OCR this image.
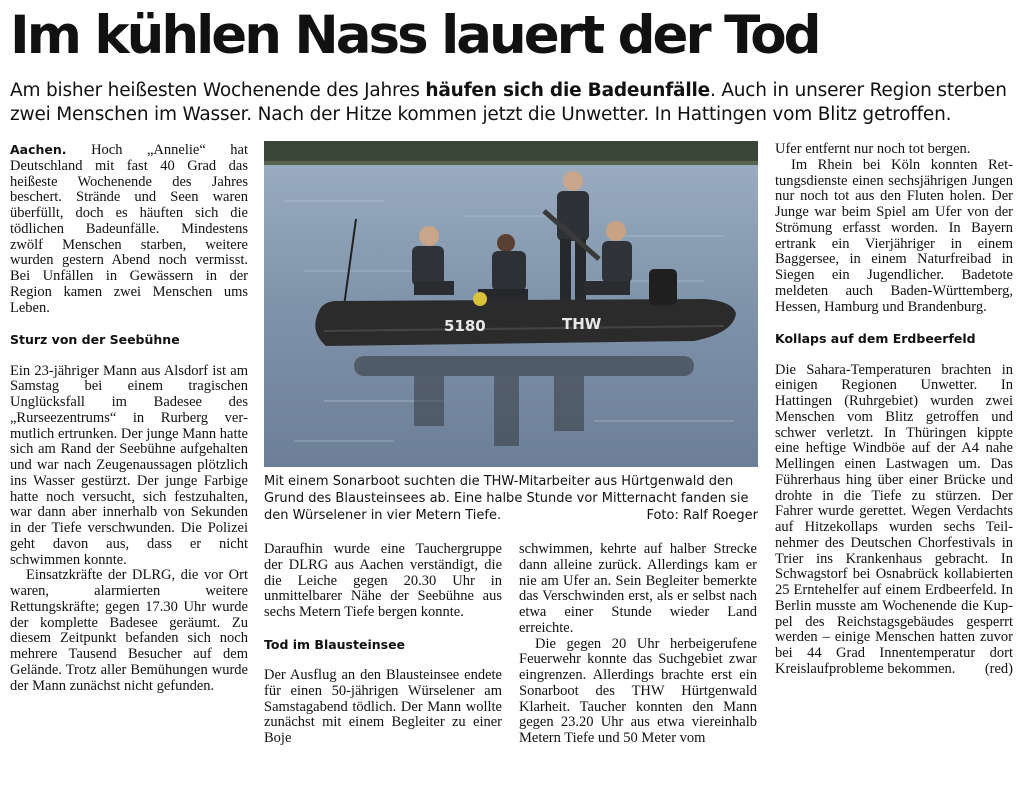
Im kühlen Nass lauert der Tod
Am bisher heißesten Wochenende des Jahres häufen sich die Badeunfälle. Auch in unserer Region sterben zwei Menschen im Wasser. Nach der Hitze kommen jetzt die Unwetter. In Hattingen vom Blitz getroffen.

Aachen. Hoch „Annelie“ hat Deutschland mit fast 40 Grad das heißeste Wochenende des Jahres beschert. Strände und Seen waren überfüllt, doch es häuften sich die tödlichen Badeunfälle. Mindestens zwölf Menschen starben, weitere wurden gestern Abend noch vermisst. Bei Unfällen in Gewässern in der Region kamen zwei Menschen ums Leben.

Sturz von der Seebühne

Ein 23-jähriger Mann aus Alsdorf ist am Samstag bei einem tragischen Unglücksfall im Badesee des „Rurseezentrums“ in Rurberg vermutlich ertrunken. Der junge Mann hatte sich am Rand der Seebühne aufgehalten und war nach Zeugenaussagen plötzlich ins Wasser gestürzt. Der junge Farbige hatte noch versucht, sich festzuhalten, war dann aber innerhalb von Sekunden in der Tiefe verschwunden. Die Polizei geht davon aus, dass er nicht schwimmen konnte.

Einsatzkräfte der DLRG, die vor Ort waren, alarmierten weitere Rettungskräfte; gegen 17.30 Uhr wurde der komplette Badesee geräumt. Zu diesem Zeitpunkt befanden sich noch mehrere Tausend Besucher auf dem Gelände. Trotz aller Bemühungen wurde der Mann zunächst nicht gefunden.

5180	THW
Mit einem Sonarboot suchten die THW-Mitarbeiter aus Hürtgenwald den Grund des Blausteinsees ab. Eine halbe Stunde vor Mitternacht fanden sie den Würselener in vier Metern Tiefe.	Foto: Ralf Roeger

Daraufhin wurde eine Tauchergruppe der DLRG aus Aachen verständigt, die die Leiche gegen 20.30 Uhr in unmittelbarer Nähe der Seebühne aus sechs Metern Tiefe bergen konnte.

Tod im Blausteinsee

Der Ausflug an den Blausteinsee endete für einen 50-jährigen Würselener am Samstagabend tödlich. Der Mann wollte zunächst mit einem Begleiter zu einer Boje

schwimmen, kehrte auf halber Strecke dann alleine zurück. Allerdings kam er nie am Ufer an. Sein Begleiter bemerkte das Verschwinden erst, als er selbst nach etwa einer Stunde wieder Land erreichte.

Die gegen 20 Uhr herbeigerufene Feuerwehr konnte das Suchgebiet zwar eingrenzen. Allerdings brachte erst ein Sonarboot des THW Hürtgenwald Klarheit. Taucher konnten den Mann gegen 23.20 Uhr aus etwa viereinhalb Metern Tiefe und 50 Meter vom

Ufer entfernt nur noch tot bergen.

Im Rhein bei Köln konnten Rettungsdienste einen sechsjährigen Jungen nur noch tot aus den Fluten holen. Der Junge war beim Spiel am Ufer von der Strömung erfasst worden. In Bayern ertrank ein Vierjähriger in einem Baggersee, in einem Naturfreibad in Siegen ein Jugendlicher. Badetote meldeten auch Baden-Württemberg, Hessen, Hamburg und Brandenburg.

Kollaps auf dem Erdbeerfeld

Die Sahara-Temperaturen brachten in einigen Regionen Unwetter. In Hattingen (Ruhrgebiet) wurden zwei Menschen vom Blitz getroffen und schwer verletzt. In Thüringen kippte eine heftige Windböe auf der A4 nahe Mellingen einen Lastwagen um. Das Führerhaus hing über einer Brücke und drohte in die Tiefe zu stürzen. Der Fahrer wurde gerettet. Wegen Verdachts auf Hitzekollaps wurden sechs Teilnehmer des Deutschen Chorfestivals in Trier ins Krankenhaus gebracht. In Schwagstorf bei Osnabrück kollabierten 25 Erntehelfer auf einem Erdbeerfeld. In Berlin musste am Wochenende die Kuppel des Reichstagsgebäudes gesperrt werden – einige Menschen hatten zuvor bei 44 Grad Innentemperatur dort Kreislaufprobleme bekommen. (red)
